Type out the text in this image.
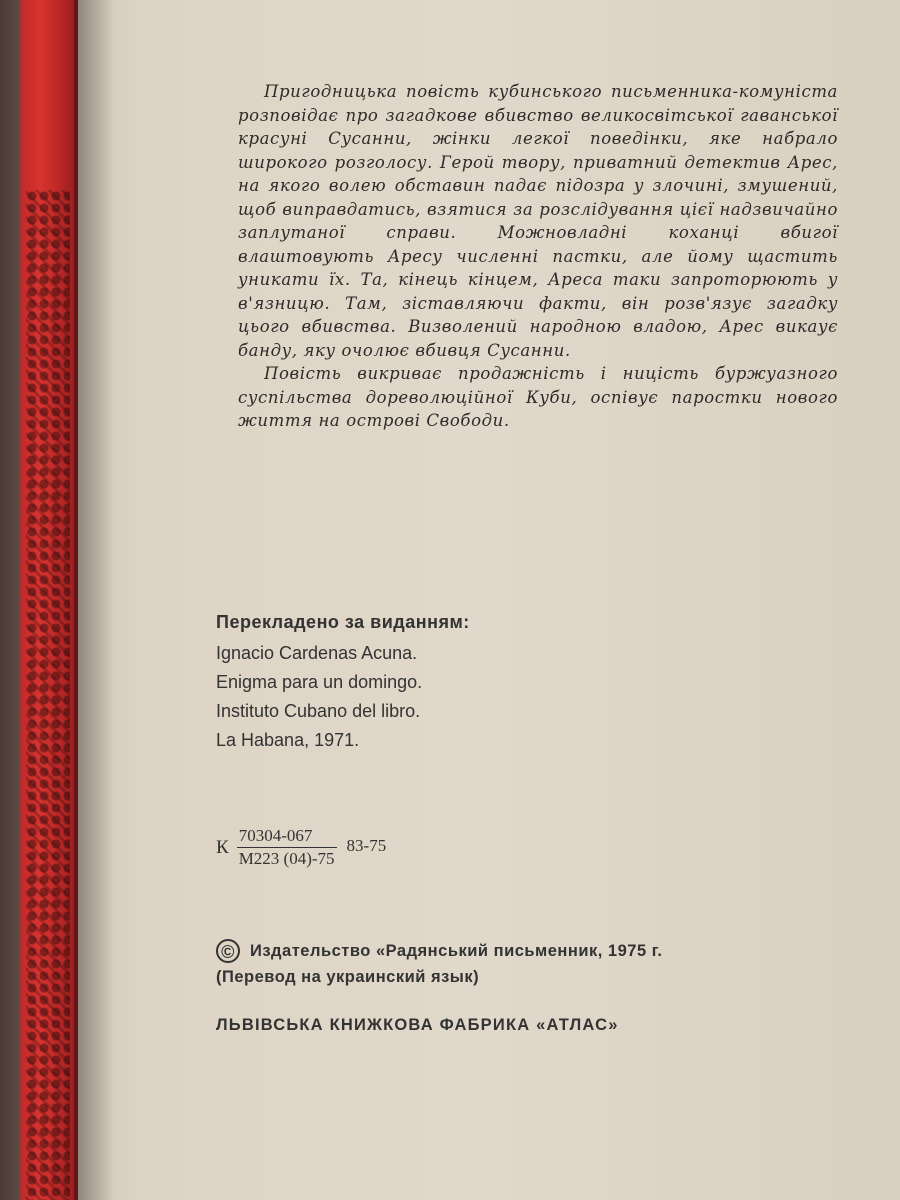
Пригодницька повість кубинського письменника-комуніста розповідає про загадкове вбивство великосвітської гаванської красуні Сусанни, жінки легкої поведінки, яке набрало широкого розголосу. Герой твору, приватний детектив Арес, на якого волею обставин падає підозра у злочині, змушений, щоб виправдатись, взятися за розслідування цієї надзвичайно заплутаної справи. Можновладні коханці вбигої влаштовують Аресу численні пастки, але йому щастить уникати їх. Та, кінець кінцем, Ареса таки запроторюють у в'язницю. Там, зіставляючи факти, він розв'язує загадку цього вбивства. Визволений народною владою, Арес викаує банду, яку очолює вбивця Сусанни.

Повість викриває продажність і ницість буржуазного суспільства дореволюційної Куби, оспівує паростки нового життя на острові Свободи.

Перекладено за виданням:
Ignacio Cardenas Acuna.
Enigma para un domingo.
Instituto Cubano del libro.
La Habana, 1971.
К $\frac{70304-067}{М223 (04)-75} 83-75$
© Издательство «Радянський письменник, 1975 г.
(Перевод на украинский язык)
ЛЬВІВСЬКА КНИЖКОВА ФАБРИКА «АТЛАС»
